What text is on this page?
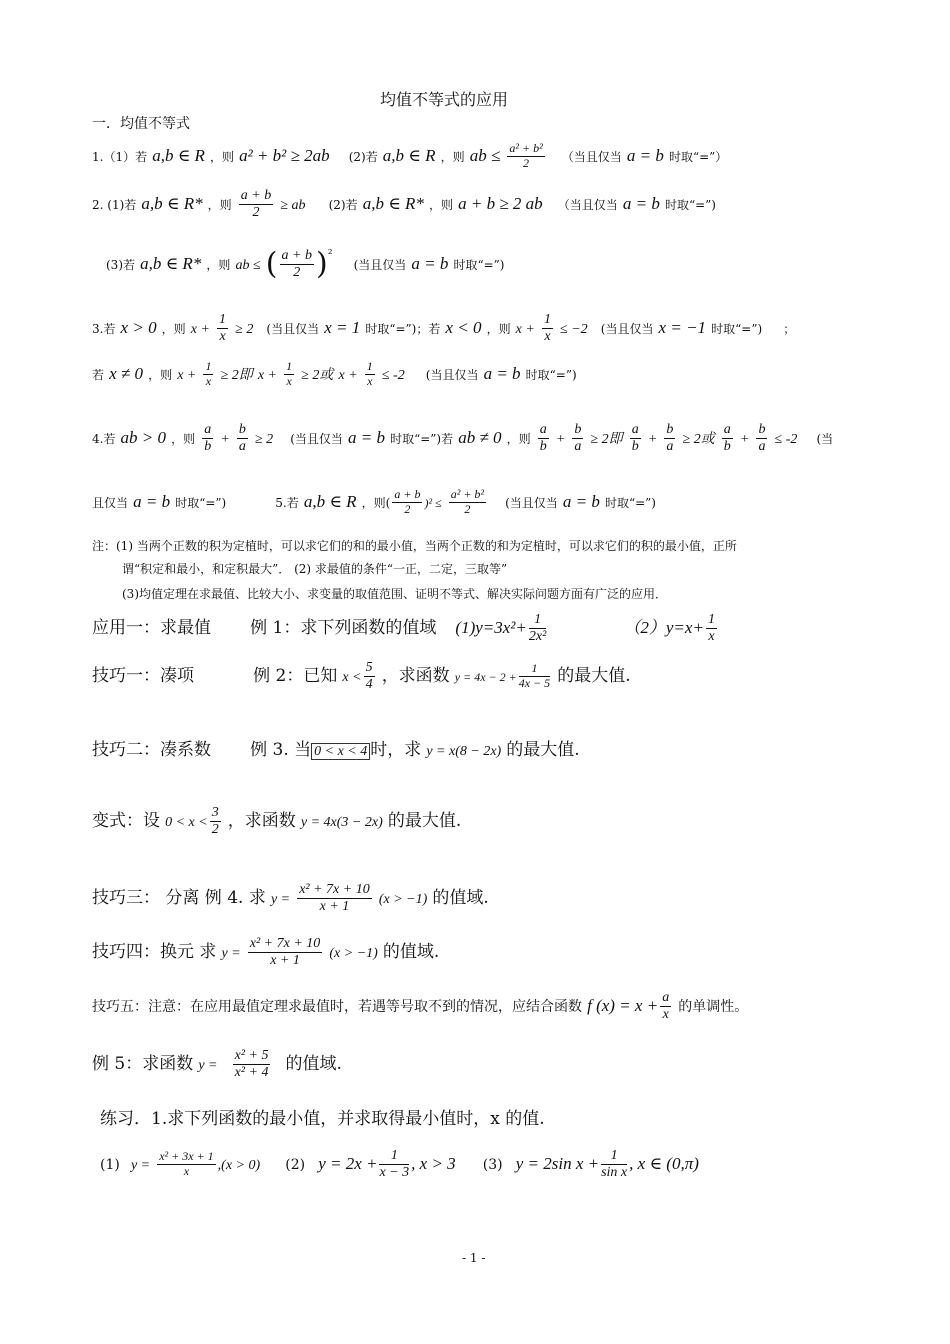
均值不等式的应用
一．均值不等式
1.（1）若 a,b ∈ R ，则 a² + b² ≥ 2ab (2)若 a,b ∈ R ，则 ab ≤ $\frac{\text{a² + b²}}{2}$ （当且仅当 a = b 时取“=”）
2. (1)若 a,b ∈ R* ，则 $\frac{a + b}{2}$ ≥ ab (2)若 a,b ∈ R* ，则 a + b ≥ 2 ab （当且仅当 a = b 时取“=”)
(3)若 a,b ∈ R* ，则 ab ≤ ( $\frac{a + b}{2} )^{^2}$ (当且仅当 a = b 时取“=”)
3.若 x > 0 ，则 $x + \frac{1}{x} \ge 2$ (当且仅当 x = 1 时取“=”)；若 x < 0 ，则 $x + \frac{1}{x} \le -2$ (当且仅当 x = −1 时取“=”) ；
若 x ≠ 0 ，则 $x + \frac{1}{x} \ge 2$即 $x + \frac{1}{x} \ge 2$或 $x + \frac{1}{x} \le -2$ (当且仅当 a = b 时取“=”)
4.若 ab > 0 ，则 $\frac{a}{b} + \frac{b}{a} \ge 2$ (当且仅当 a = b 时取“=”)若 ab ≠ 0 ，则 $\frac{a}{b} + \frac{b}{a} \ge 2$即 $\frac{a}{b} + \frac{b}{a} \ge 2$或 $\frac{a}{b} + \frac{b}{a} \le -2$ (当
且仅当 a = b 时取“=”)	5.若 a,b ∈ R ，则( $\frac{a + b}{2} )^2 \le \frac{\text{a² + b²}}{2}$ (当且仅当 a = b 时取“=”)
注：(1) 当两个正数的积为定植时，可以求它们的和的最小值，当两个正数的和为定植时，可以求它们的积的最小值，正所
谓“积定和最小，和定积最大”． (2) 求最值的条件“一正，二定，三取等”
(3)均值定理在求最值、比较大小、求变量的取值范围、证明不等式、解决实际问题方面有广泛的应用．
应用一：求最值 例 1：求下列函数的值域 $(1)y=3x^2+ \frac{1}{\text{2x²}}$	$(2)y=x+ \frac{1}{x}$
技巧一：凑项	例 2：已知 $x < \frac{5}{4}$ ，求函数 $y = 4x - 2 + \frac{1}{4x - 5}$ 的最大值.
技巧二：凑系数 例 3. 当 0 < x < 4 时，求 y = x(8 − 2x) 的最大值.
变式：设 $0 < x < \frac{3}{2}$ ，求函数 y = 4x(3 − 2x) 的最大值.
技巧三： 分离 例 4. 求 $y = \frac{\text{x² + 7x + 10}}{x + 1} (x > -1)$ 的值域.
技巧四：换元 求 $y = \frac{\text{x² + 7x + 10}}{x + 1} (x > -1)$ 的值域.
技巧五：注意：在应用最值定理求最值时，若遇等号取不到的情况，应结合函数 f $(x) = x + \frac{a}{x}$ 的单调性。
例 5：求函数 $y = \frac{\text{x² + 5}}{\text{x² + 4}}$ 的值域.
练习．1.求下列函数的最小值，并求取得最小值时，x 的值.
(1) $y = \frac{\text{x² + 3x + 1}}{x} ,(x > 0)$ (2) $y = 2x + \frac{1}{x - 3}$ , x > 3 (3) y = 2sin $x + \frac{1}{\text{sin x}}$ , x ∈ (0,π)
- 1 -
